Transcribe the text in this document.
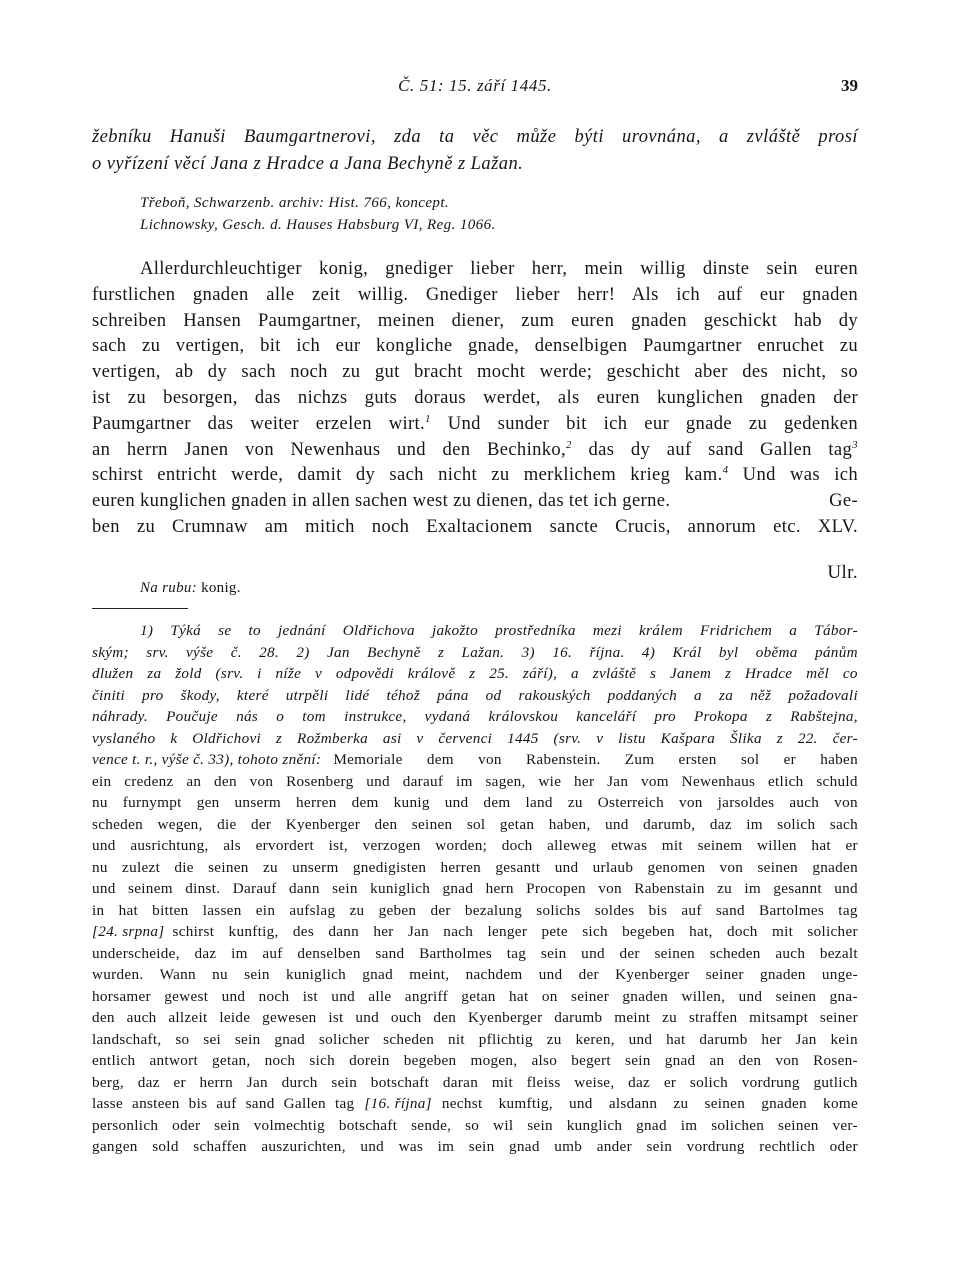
Č. 51: 15. září 1445.	39

žebníku Hanuši Baumgartnerovi, zda ta věc může býti urovnána, a zvláště prosí

o vyřízení věcí Jana z Hradce a Jana Bechyně z Lažan.

Třeboň, Schwarzenb. archiv: Hist. 766, koncept.
Lichnowsky, Gesch. d. Hauses Habsburg VI, Reg. 1066.
Allerdurchleuchtiger konig, gnediger lieber herr, mein willig dinste sein euren
furstlichen gnaden alle zeit willig. Gnediger lieber herr! Als ich auf eur gnaden
schreiben Hansen Paumgartner, meinen diener, zum euren gnaden geschickt hab dy
sach zu vertigen, bit ich eur kongliche gnade, denselbigen Paumgartner enruchet zu
vertigen, ab dy sach noch zu gut bracht mocht werde; geschicht aber des nicht, so
ist zu besorgen, das nichzs guts doraus werdet, als euren kunglichen gnaden der
Paumgartner das weiter erzelen wirt.$^1$ Und sunder bit ich eur gnade zu gedenken
an herrn Janen von Newenhaus und den Bechinko,$^2$ das dy auf sand Gallen tag$^3$
schirst entricht werde, damit dy sach nicht zu merklichem krieg kam.$^4$ Und was ich
euren kunglichen gnaden in allen sachen west zu dienen, das tet ich gerne.	Ge-
ben zu Crumnaw am mitich noch Exaltacionem sancte Crucis, annorum etc. XLV.
Ulr.
Na rubu: konig.
1) Týká se to jednání Oldřichova jakožto prostředníka mezi králem Fridrichem a Tábor-
ským; srv. výše č. 28. 2) Jan Bechyně z Lažan. 3) 16. října. 4) Král byl oběma pánům
dlužen za žold (srv. i níže v odpovědi králově z 25. září), a zvláště s Janem z Hradce měl co
činiti pro škody, které utrpěli lidé téhož pána od rakouských poddaných a za něž požadovali
náhrady. Poučuje nás o tom instrukce, vydaná královskou kanceláří pro Prokopa z Rabštejna,
vyslaného k Oldřichovi z Rožmberka asi v červenci 1445 (srv. v listu Kašpara Šlika z 22. čer-
vence t. r., výše č. 33), tohoto znění: Memoriale dem von Rabenstein. Zum ersten sol er haben
ein credenz an den von Rosenberg und darauf im sagen, wie her Jan vom Newenhaus etlich schuld
nu furnympt gen unserm herren dem kunig und dem land zu Osterreich von jarsoldes auch von
scheden wegen, die der Kyenberger den seinen sol getan haben, und darumb, daz im solich sach
und ausrichtung, als ervordert ist, verzogen worden; doch alleweg etwas mit seinem willen hat er
nu zulezt die seinen zu unserm gnedigisten herren gesantt und urlaub genomen von seinen gnaden
und seinem dinst. Darauf dann sein kuniglich gnad hern Procopen von Rabenstain zu im gesannt und
in hat bitten lassen ein aufslag zu geben der bezalung solichs soldes bis auf sand Bartolmes tag
[24. srpna] schirst kunftig, des dann her Jan nach lenger pete sich begeben hat, doch mit solicher
underscheide, daz im auf denselben sand Bartholmes tag sein und der seinen scheden auch bezalt
wurden. Wann nu sein kuniglich gnad meint, nachdem und der Kyenberger seiner gnaden unge-
horsamer gewest und noch ist und alle angriff getan hat on seiner gnaden willen, und seinen gna-
den auch allzeit leide gewesen ist und ouch den Kyenberger darumb meint zu straffen mitsampt seiner
landschaft, so sei sein gnad solicher scheden nit pflichtig zu keren, und hat darumb her Jan kein
entlich antwort getan, noch sich dorein begeben mogen, also begert sein gnad an den von Rosen-
berg, daz er herrn Jan durch sein botschaft daran mit fleiss weise, daz er solich vordrung gutlich
lasse ansteen bis auf sand Gallen tag [16. října] nechst kumftig, und alsdann zu seinen gnaden kome
personlich oder sein volmechtig botschaft sende, so wil sein kunglich gnad im solichen seinen ver-
gangen sold schaffen auszurichten, und was im sein gnad umb ander sein vordrung rechtlich oder
